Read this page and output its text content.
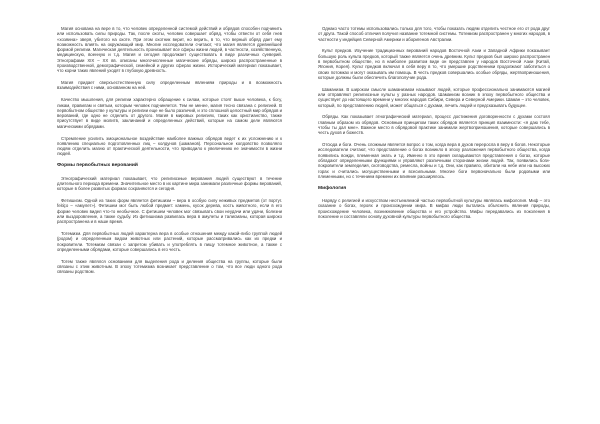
Магия основана на вере в то, что человек определенной системой действий и обрядов способен подчинить или использовать силы природы. Так, после охоты, человек совершает обряд, чтобы отвести от себя гнев «хозяина» зверя, убитого на охоте. При этом охотник верит, но верить, в то, что верный обряд дает ему возможность влиять на окружающий мир. Многие исследователи считают, что магия является древнейшей формой религии. Магическая деятельность пронизывает все сферы жизни людей, в частности, хозяйственную, медицинскую, военную и т.д. Магия и сегодня продолжает существовать в виде различных суеверий. Этнографами XIX – XX вв. описаны многочисленные магические обряды, широко распространенные в производственной, демографической, семейной и других сферах жизни. Исторический материал показывает, что корни таких явлений уходят в глубокую древность.

Магия придает сверхъестественную силу определенным явлениям природы и в возможность взаимодействия с ними, основанном на ней.

Качество мышления, для религии характерно обращение к силам, которые стоят выше человека, к богу, ликам, правилам и святым, которым человек подчиняется. Тем не менее, магия тесно связана с религией. В первобытном обществе у культуры и религии еще не было различий, и это сплошной целостный мир обрядов и верований, где одно не отделить от другого. Магия в мировых религиях, таких как христианство, также присутствует в виде молитв, заклинаний и определенных действий, которые на самом деле являются магическими обрядами.

Стремление усилить эмоциональное воздействие наиболее важных обрядов ведет к их усложнению и к появлению специально подготовленных лиц – колдунов (шаманов). Персональное колдовство позволяло людям отделить магию от практической деятельности, что приводило к увеличению ее значимости в жизни людей.

Формы первобытных верований

Этнографический материал показывает, что религиозные верования людей существуют в течение длительного периода времени. Значительное место в их картине мира занимали различные формы верований, которые в более развитых формах сохраняются и сегодня.

Фетишизм. Одной из таких форм является фетишизм – вера в особую силу неживых предметов (от португ. feitiço – «амулет»). Фетишем мог быть любой предмет: камень, кусок дерева, кость животного, если в его форме человек видел что-то необычное. С фетишем человек мог связывать свои неудачи или удачи, болезни или выздоровление, а также судьбу. Из фетишизма развилась вера в амулеты и талисманы, которая широко распространена и в наше время.

Тотемизм. Для первобытных людей характерна вера в особые отношения между какой-либо группой людей (родом) и определенным видом животных или растений, которые рассматривались как их предки и покровители. Тотемизм связан с запретом убивать и употреблять в пищу тотемное животное, а также с определенными обрядами, которые совершались в его честь.

Тотем также являлся основанием для выделения рода и деления общества на группы, которые были связаны с этим животным. В эпоху тотемизма возникает представление о том, что все люди одного рода связаны родством.

Однако часто тотемы использовались только для того, чтобы показать людям отделить честное его от рода друг от друга. Такой способ отличия получил название тотемной системы. Тотемизм распространен у многих народов, в частности у индейцев Северной Америки и аборигенов Австралии.

Культ предков. Изучение традиционных верований народов Восточной Азии и Западной Африки показывает большую роль культа предков, который также является очень древним. Культ предков был широко распространен в первобытном обществе, но в наиболее развитом виде он представлен у народов Восточной Азии (Китай, Япония, Корея). Культ предков включал в себя веру в то, что умершие родственники продолжают заботиться о своих потомках и могут оказывать им помощь. В честь предков совершались особые обряды, жертвоприношения, которые должны были обеспечить благополучие рода.

Шаманизм. В широком смысле шаманизмом называют людей, которые профессионально занимаются магией или отправляют религиозные культы у разных народов. Шаманизм возник в эпоху первобытного общества и существует до настоящего времени у многих народов Сибири, Севера и Северной Америки. Шаман – это человек, который, по представлению людей, может общаться с духами, лечить людей и предсказывать будущее.

Обряды. Как показывает этнографический материал, процесс достижения договоренности с духами состоял главным образом из обрядов. Основным принципом таких обрядов является принцип взаимности: «я даю тебе, чтобы ты дал мне». Важное место в обрядовой практике занимали жертвоприношения, которые совершались в честь духов и божеств.

Отсюда и боги. Очень сложным является вопрос о том, когда вера в духов переросла в веру в богов. Некоторые исследователи считают, что представление о богах возникло в эпоху разложения первобытного общества, когда появились вожди, племенная знать и т.д. Именно в это время складываются представления о богах, которые обладают определенными функциями и управляют различными сторонами жизни людей. Так, появились боги-покровители земледелия, скотоводства, ремесла, войны и т.д. Они, как правило, обитали на небе или на высоких горах и считались могущественными и всесильными. Многие боги первоначально были родовыми или племенными, но с течением времени их влияние расширялось.

Мифология

Наряду с религией и искусством неотъемлемой частью первобытной культуры являлась мифология. Миф – это сказание о богах, героях и происхождении мира. В мифах люди пытались объяснить явления природы, происхождение человека, возникновение общества и его устройство. Мифы передавались из поколения в поколение и составляли основу духовной культуры первобытного общества.
